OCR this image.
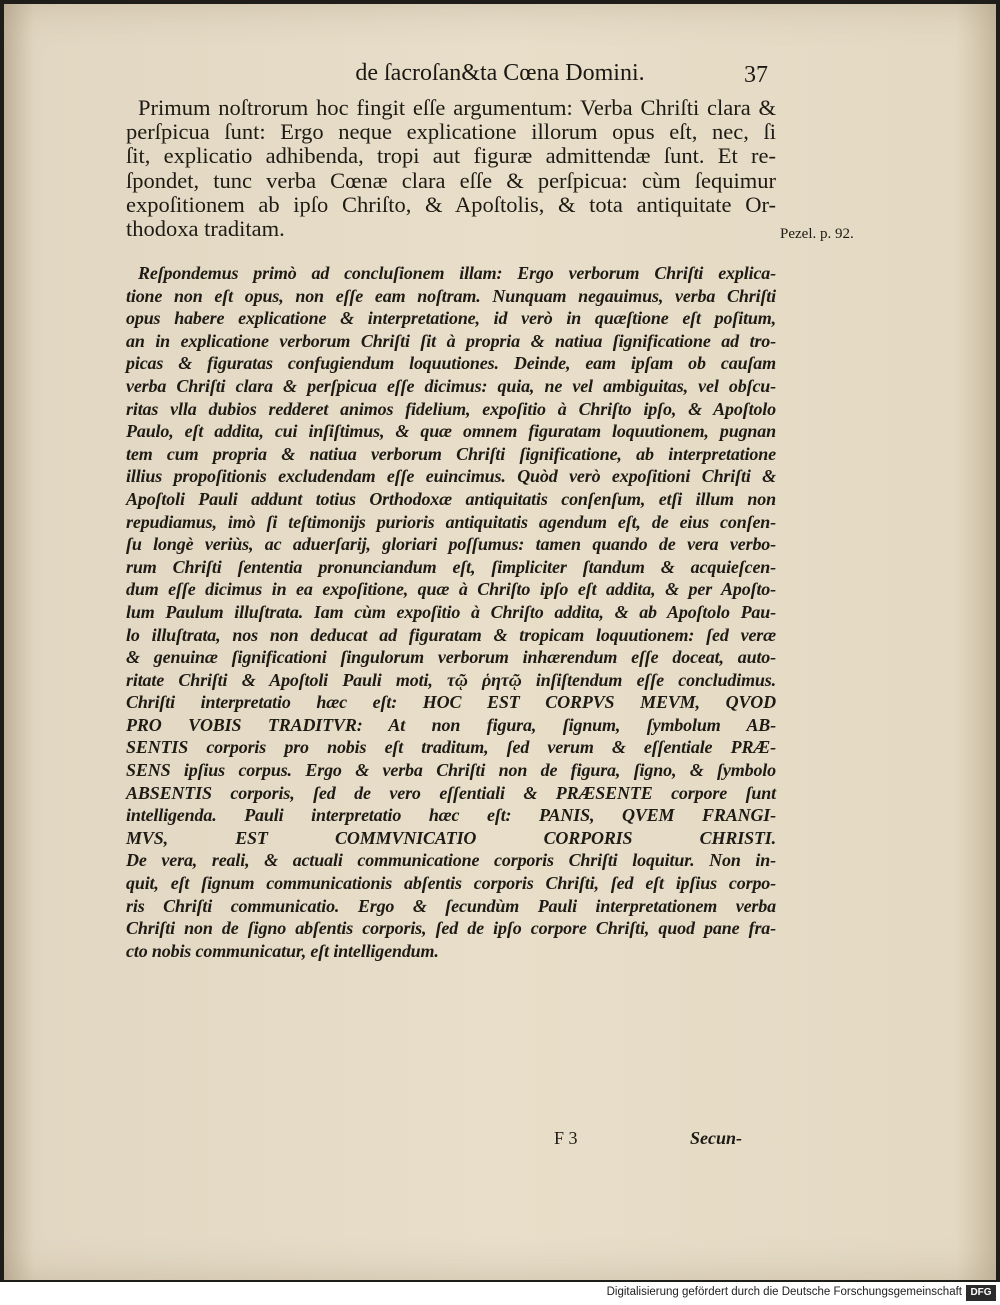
de ſacroſan&ta Cœna Domini.	37
Primum noſtrorum hoc fingit eſſe argumentum: Verba Chriſti clara &
perſpicua ſunt: Ergo neque explicatione illorum opus eſt, nec, ſi
ſit, explicatio adhibenda, tropi aut figuræ admittendæ ſunt. Et re-
ſpondet, tunc verba Cœnæ clara eſſe & perſpicua: cùm ſequimur
expoſitionem ab ipſo Chriſto, & Apoſtolis, & tota antiquitate Or-
thodoxa traditam.	Pezel. p. 92.
Reſpondemus primò ad concluſionem illam: Ergo verborum Chriſti explica-
tione non eſt opus, non eſſe eam noſtram. Nunquam negauimus, verba Chriſti
opus habere explicatione & interpretatione, id verò in quæſtione eſt poſitum,
an in explicatione verborum Chriſti ſit à propria & natiua ſignificatione ad tro-
picas & figuratas confugiendum loquutiones. Deinde, eam ipſam ob cauſam
verba Chriſti clara & perſpicua eſſe dicimus: quia, ne vel ambiguitas, vel obſcu-
ritas vlla dubios redderet animos fidelium, expoſitio à Chriſto ipſo, & Apoſtolo
Paulo, eſt addita, cui inſiſtimus, & quæ omnem figuratam loquutionem, pugnan
tem cum propria & natiua verborum Chriſti ſignificatione, ab interpretatione
illius propoſitionis excludendam eſſe euincimus. Quòd verò expoſitioni Chriſti &
Apoſtoli Pauli addunt totius Orthodoxæ antiquitatis conſenſum, etſi illum non
repudiamus, imò ſi teſtimonijs purioris antiquitatis agendum eſt, de eius conſen-
ſu longè veriùs, ac aduerſarij, gloriari poſſumus: tamen quando de vera verbo-
rum Chriſti ſententia pronunciandum eſt, ſimpliciter ſtandum & acquieſcen-
dum eſſe dicimus in ea expoſitione, quæ à Chriſto ipſo eſt addita, & per Apoſto-
lum Paulum illuſtrata. Iam cùm expoſitio à Chriſto addita, & ab Apoſtolo Pau-
lo illuſtrata, nos non deducat ad figuratam & tropicam loquutionem: ſed veræ
& genuinæ ſignificationi ſingulorum verborum inhærendum eſſe doceat, auto-
ritate Chriſti & Apoſtoli Pauli moti, τῷ ῥητῷ inſiſtendum eſſe concludimus.
Chriſti interpretatio hæc eſt: HOC EST CORPVS MEVM, QVOD
PRO VOBIS TRADITVR: At non figura, ſignum, ſymbolum AB-
SENTIS corporis pro nobis eſt traditum, ſed verum & eſſentiale PRÆ-
SENS ipſius corpus. Ergo & verba Chriſti non de figura, ſigno, & ſymbolo
ABSENTIS corporis, ſed de vero eſſentiali & PRÆSENTE corpore ſunt
intelligenda. Pauli interpretatio hæc eſt: PANIS, QVEM FRANGI-
MVS, EST COMMVNICATIO CORPORIS CHRISTI.
De vera, reali, & actuali communicatione corporis Chriſti loquitur. Non in-
quit, eſt ſignum communicationis abſentis corporis Chriſti, ſed eſt ipſius corpo-
ris Chriſti communicatio. Ergo & ſecundùm Pauli interpretationem verba
Chriſti non de ſigno abſentis corporis, ſed de ipſo corpore Chriſti, quod pane fra-
cto nobis communicatur, eſt intelligendum.
F 3	Secun-
Digitalisierung gefördert durch die Deutsche Forschungsgemeinschaft DFG
